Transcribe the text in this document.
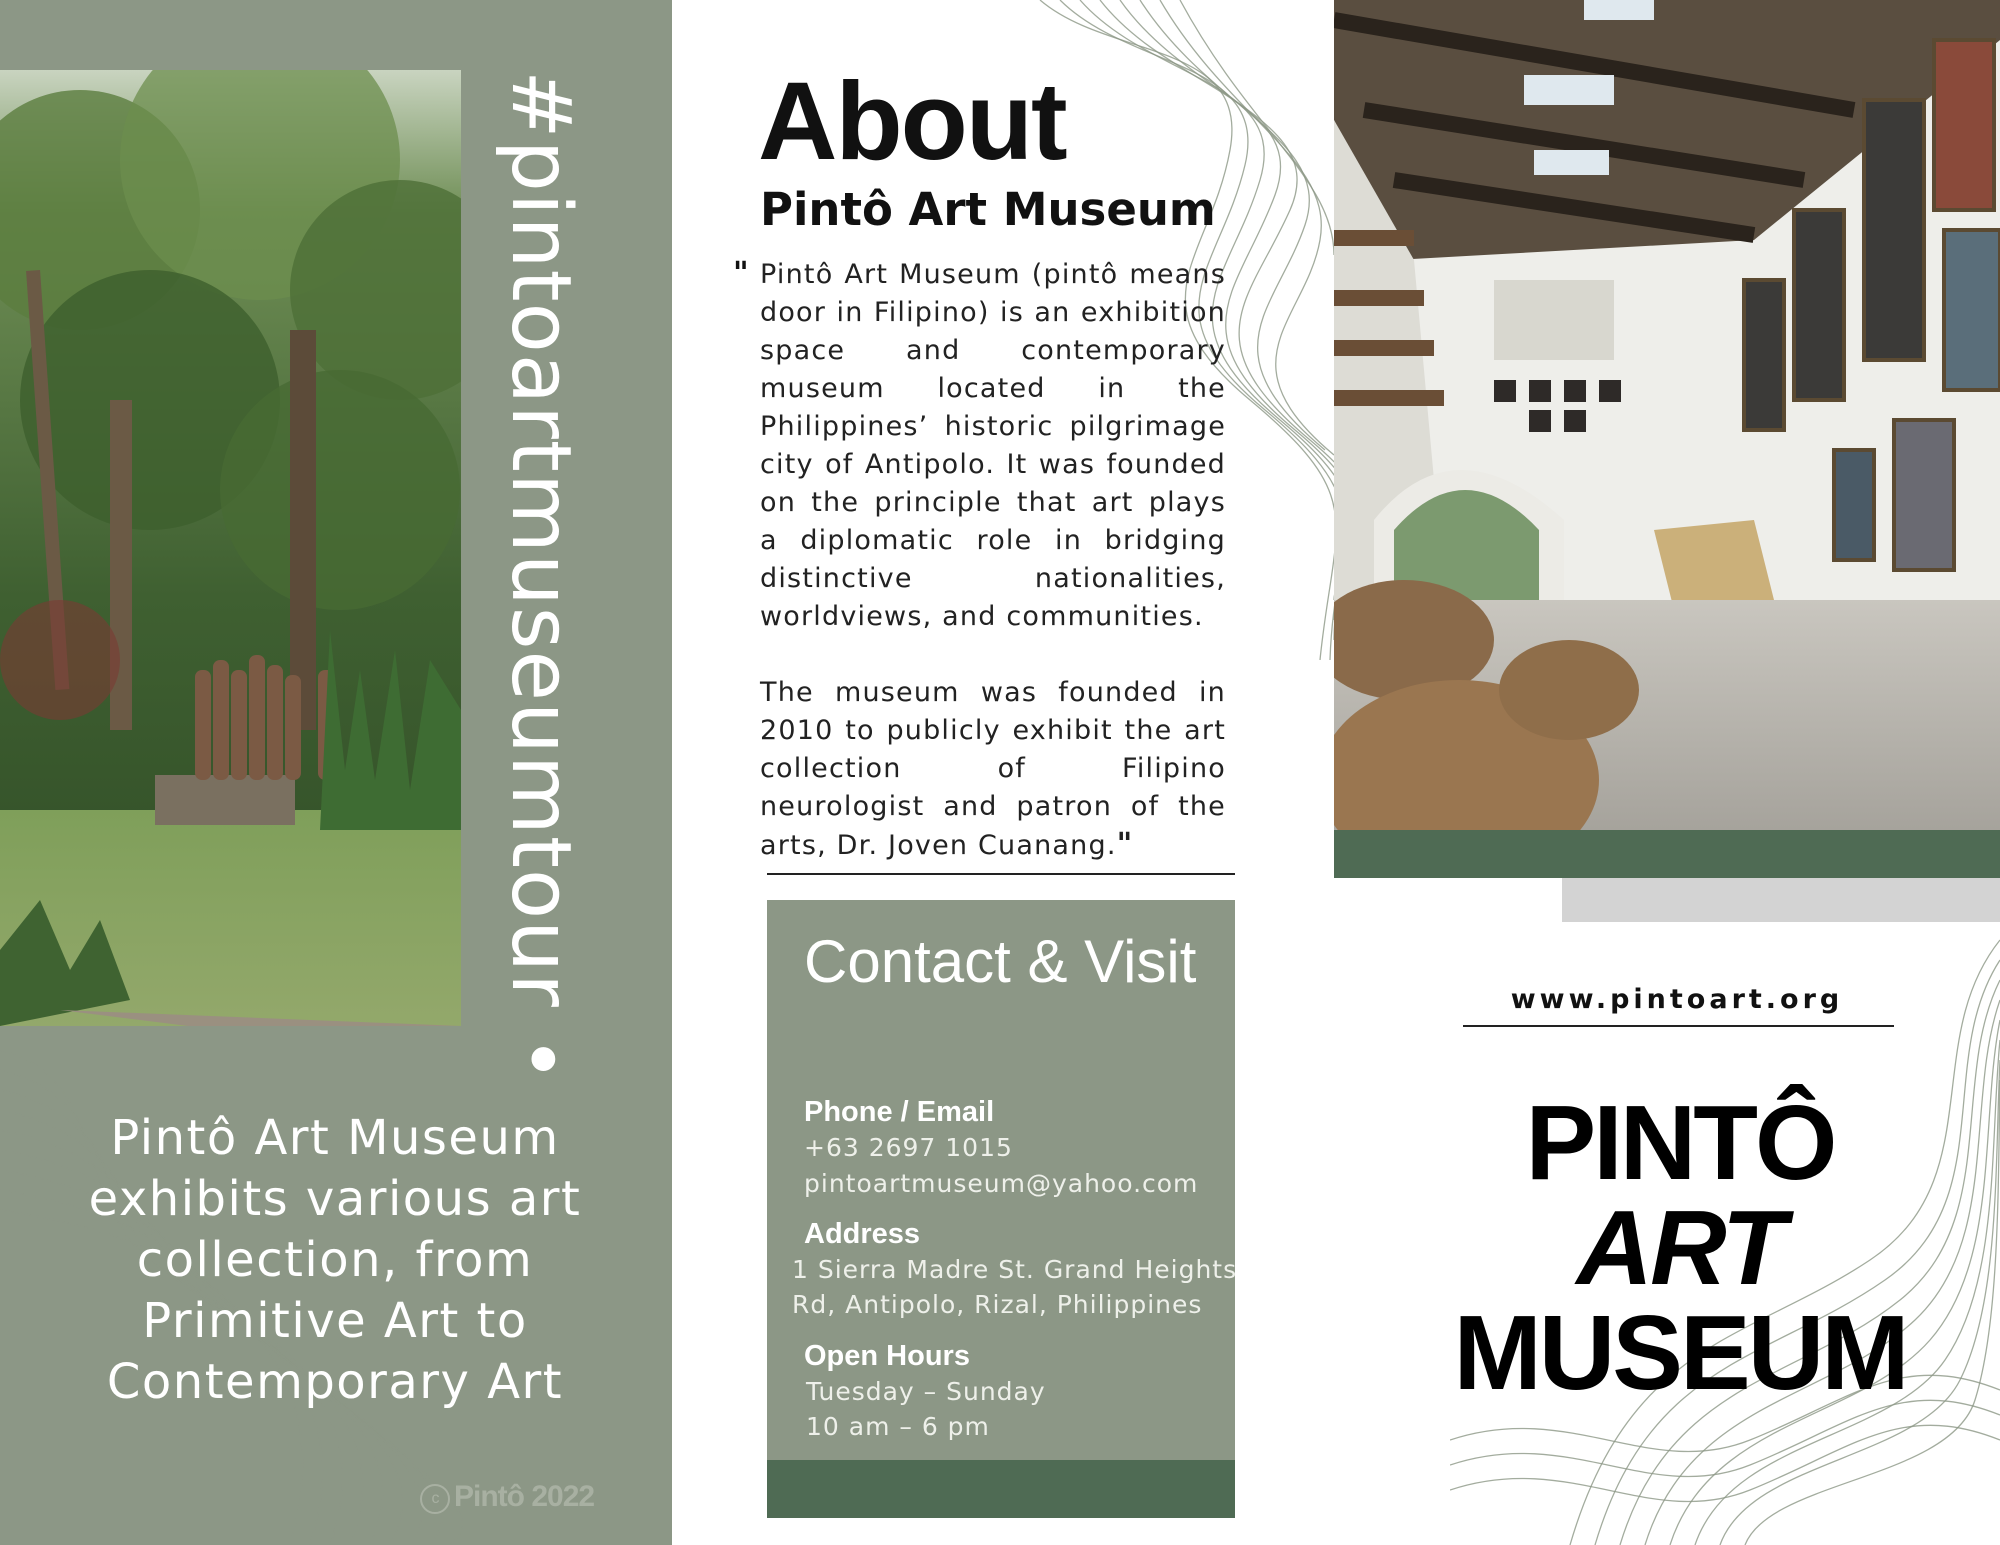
#pintoartmuseumtour •
Pintô Art Museum
exhibits various art
collection, from
Primitive Art to
Contemporary Art
c Pintô 2022
About
Pintô Art Museum
" Pintô Art Museum (pintô means door in Filipino) is an exhibition space and contemporary museum located in the Philippines’ historic pilgrimage city of Antipolo. It was founded on the principle that art plays a diplomatic role in bridging distinctive nationalities, worldviews, and communities.

The museum was founded in 2010 to publicly exhibit the art collection of Filipino neurologist and patron of the arts, Dr. Joven Cuanang."

Contact & Visit
Phone / Email
+63 2697 1015
pintoartmuseum@yahoo.com
Address
1 Sierra Madre St. Grand Heights
Rd, Antipolo, Rizal, Philippines
Open Hours
Tuesday – Sunday
10 am – 6 pm
www.pintoart.org
PINTÔ
ART
MUSEUM
